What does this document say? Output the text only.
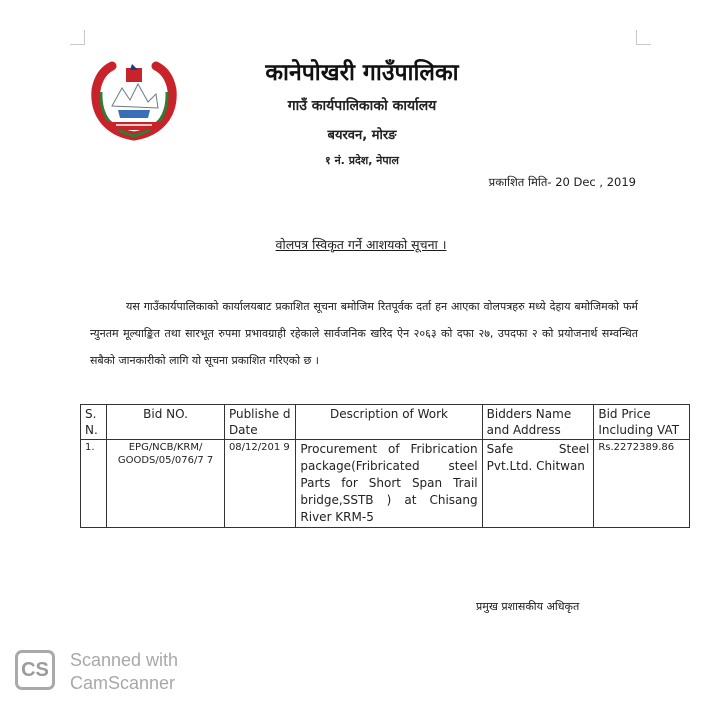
कानेपोखरी गाउँपालिका
गाउँ कार्यपालिकाको कार्यालय
बयरवन, मोरङ
१ नं. प्रदेश, नेपाल
प्रकाशित मिति- 20 Dec , 2019
वोलपत्र स्विकृत गर्ने आशयको सूचना ।
यस गाउँकार्यपालिकाको कार्यालयबाट प्रकाशित सूचना बमोजिम रितपूर्वक दर्ता हन आएका वोलपत्रहरु मध्ये देहाय बमोजिमको फर्म न्युनतम मूल्याङ्कित तथा सारभूत रुपमा प्रभावग्राही रहेकाले सार्वजनिक खरिद ऐन २०६३ को दफा २७, उपदफा २ को प्रयोजनार्थ सम्वन्धित सबैको जानकारीको लागि यो सूचना प्रकाशित गरिएको छ ।
S. N.	Bid NO.	Publishe d Date	Description of Work	Bidders Name and Address	Bid Price Including VAT
1.	EPG/NCB/KRM/ GOODS/05/076/7 7	08/12/201 9	Procurement of Fribrication package(Fribricated steel Parts for Short Span Trail bridge,SSTB ) at Chisang River KRM-5	Safe Steel Pvt.Ltd. Chitwan	Rs.2272389.86
प्रमुख प्रशासकीय अधिकृत
CS	Scanned with
CamScanner
